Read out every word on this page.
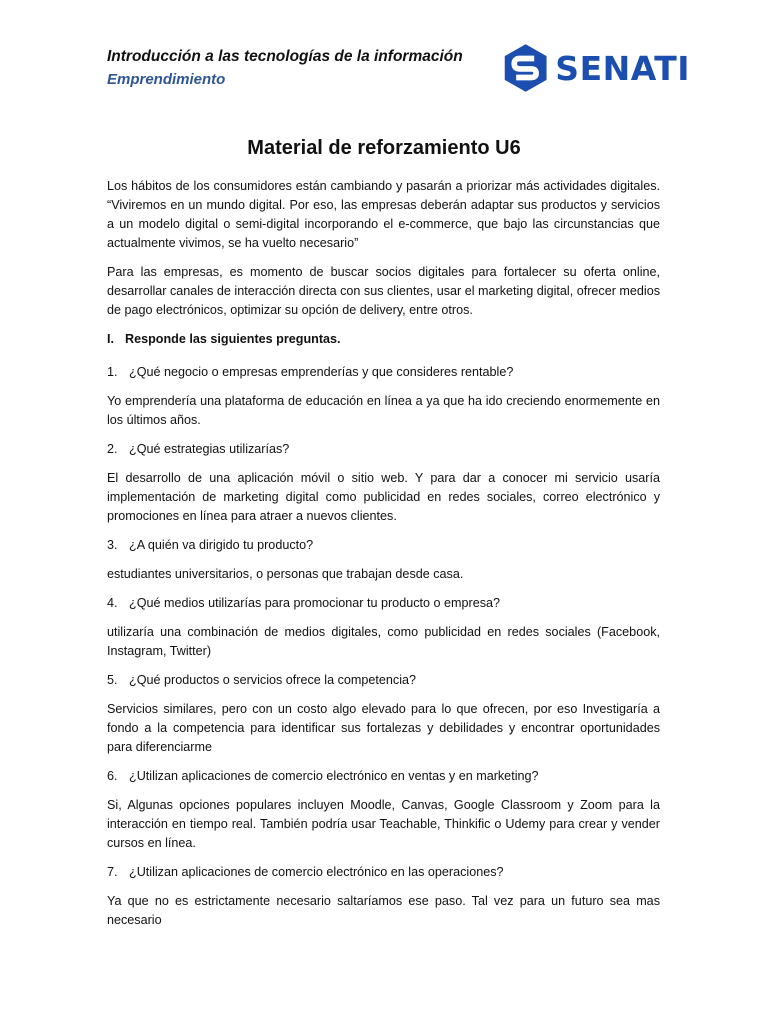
Introducción a las tecnologías de la información
Emprendimiento	SENATI
Material de reforzamiento U6

Los hábitos de los consumidores están cambiando y pasarán a priorizar más actividades digitales. “Viviremos en un mundo digital. Por eso, las empresas deberán adaptar sus productos y servicios a un modelo digital o semi-digital incorporando el e-commerce, que bajo las circunstancias que actualmente vivimos, se ha vuelto necesario”

Para las empresas, es momento de buscar socios digitales para fortalecer su oferta online, desarrollar canales de interacción directa con sus clientes, usar el marketing digital, ofrecer medios de pago electrónicos, optimizar su opción de delivery, entre otros.

I. Responde las siguientes preguntas.
1. ¿Qué negocio o empresas emprenderías y que consideres rentable?
Yo emprendería una plataforma de educación en línea a ya que ha ido creciendo enormemente en los últimos años.
2. ¿Qué estrategias utilizarías?
El desarrollo de una aplicación móvil o sitio web. Y para dar a conocer mi servicio usaría implementación de marketing digital como publicidad en redes sociales, correo electrónico y promociones en línea para atraer a nuevos clientes.
3. ¿A quién va dirigido tu producto?
estudiantes universitarios, o personas que trabajan desde casa.
4. ¿Qué medios utilizarías para promocionar tu producto o empresa?
utilizaría una combinación de medios digitales, como publicidad en redes sociales (Facebook, Instagram, Twitter)
5. ¿Qué productos o servicios ofrece la competencia?
Servicios similares, pero con un costo algo elevado para lo que ofrecen, por eso Investigaría a fondo a la competencia para identificar sus fortalezas y debilidades y encontrar oportunidades para diferenciarme
6. ¿Utilizan aplicaciones de comercio electrónico en ventas y en marketing?
Si, Algunas opciones populares incluyen Moodle, Canvas, Google Classroom y Zoom para la interacción en tiempo real. También podría usar Teachable, Thinkific o Udemy para crear y vender cursos en línea.
7. ¿Utilizan aplicaciones de comercio electrónico en las operaciones?
Ya que no es estrictamente necesario saltaríamos ese paso. Tal vez para un futuro sea mas necesario
